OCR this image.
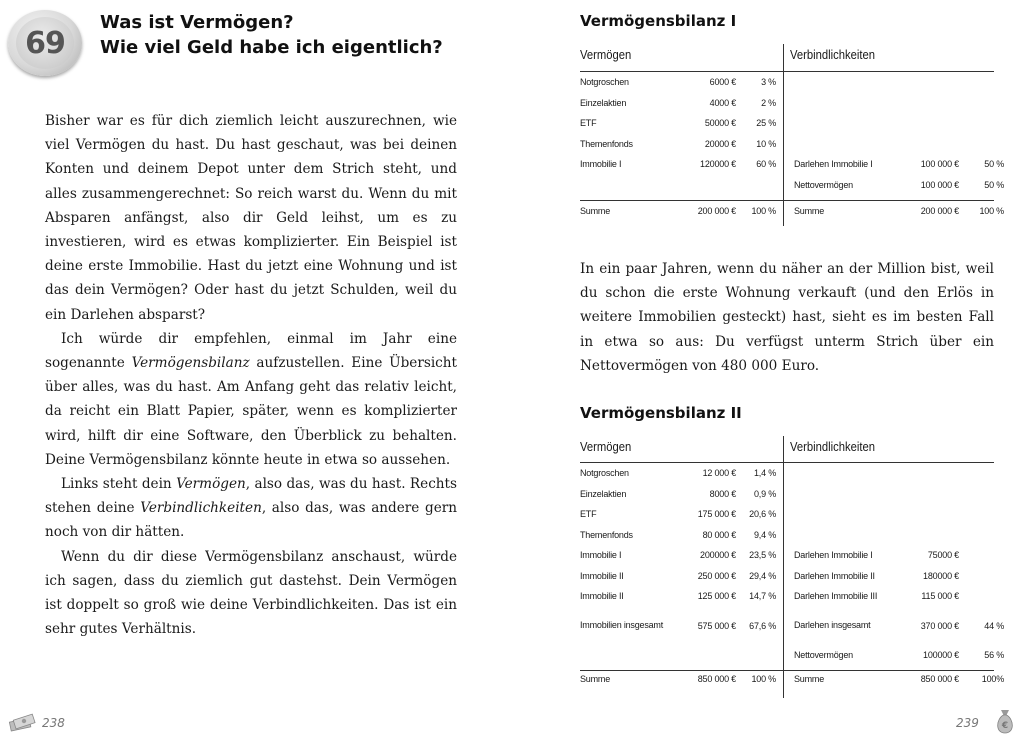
69
Was ist Vermögen?
Wie viel Geld habe ich eigentlich?

Bisher war es für dich ziemlich leicht auszurechnen, wie viel Vermögen du hast. Du hast geschaut, was bei deinen Konten und deinem Depot unter dem Strich steht, und alles zusammengerechnet: So reich warst du. Wenn du mit Absparen anfängst, also dir Geld leihst, um es zu investieren, wird es etwas komplizierter. Ein Beispiel ist deine erste Immobilie. Hast du jetzt eine Wohnung und ist das dein Vermögen? Oder hast du jetzt Schulden, weil du ein Darlehen absparst?

Ich würde dir empfehlen, einmal im Jahr eine sogenannte Vermögensbilanz aufzustellen. Eine Übersicht über alles, was du hast. Am Anfang geht das relativ leicht, da reicht ein Blatt Papier, später, wenn es komplizierter wird, hilft dir eine Software, den Überblick zu behalten. Deine Vermögensbilanz könnte heute in etwa so aussehen.

Links steht dein Vermögen, also das, was du hast. Rechts stehen deine Verbindlichkeiten, also das, was andere gern noch von dir hätten.

Wenn du dir diese Vermögensbilanz anschaust, würde ich sagen, dass du ziemlich gut dastehst. Dein Vermögen ist doppelt so groß wie deine Verbindlichkeiten. Das ist ein sehr gutes Verhältnis.

238
Vermögensbilanz I
Vermögen	Verbindlichkeiten
Notgroschen	6000 €	3 %			
Einzelaktien	4000 €	2 %			
ETF	50000 €	25 %			
Themenfonds	20000 €	10 %			
Immobilie I	120000 €	60 %	Darlehen Immobilie I	100 000 €	50 %
			Nettovermögen	100 000 €	50 %
Summe	200 000 €	100 %	Summe	200 000 €	100 %
In ein paar Jahren, wenn du näher an der Million bist, weil du schon die erste Wohnung verkauft (und den Erlös in weitere Immobilien gesteckt) hast, sieht es im besten Fall in etwa so aus: Du verfügst unterm Strich über ein Nettovermögen von 480 000 Euro.
Vermögensbilanz II
Vermögen	Verbindlichkeiten
Notgroschen	12 000 €	1,4 %			
Einzelaktien	8000 €	0,9 %			
ETF	175 000 €	20,6 %			
Themenfonds	80 000 €	9,4 %			
Immobilie I	200000 €	23,5 %	Darlehen Immobilie I	75000 €	
Immobilie II	250 000 €	29,4 %	Darlehen Immobilie II	180000 €	
Immobilie II	125 000 €	14,7 %	Darlehen Immobilie III	115 000 €	
Immobilien insgesamt	575 000 €	67,6 %	Darlehen insgesamt	370 000 €	44 %
			Nettovermögen	100000 €	56 %
Summe	850 000 €	100 %	Summe	850 000 €	100%
239	€
